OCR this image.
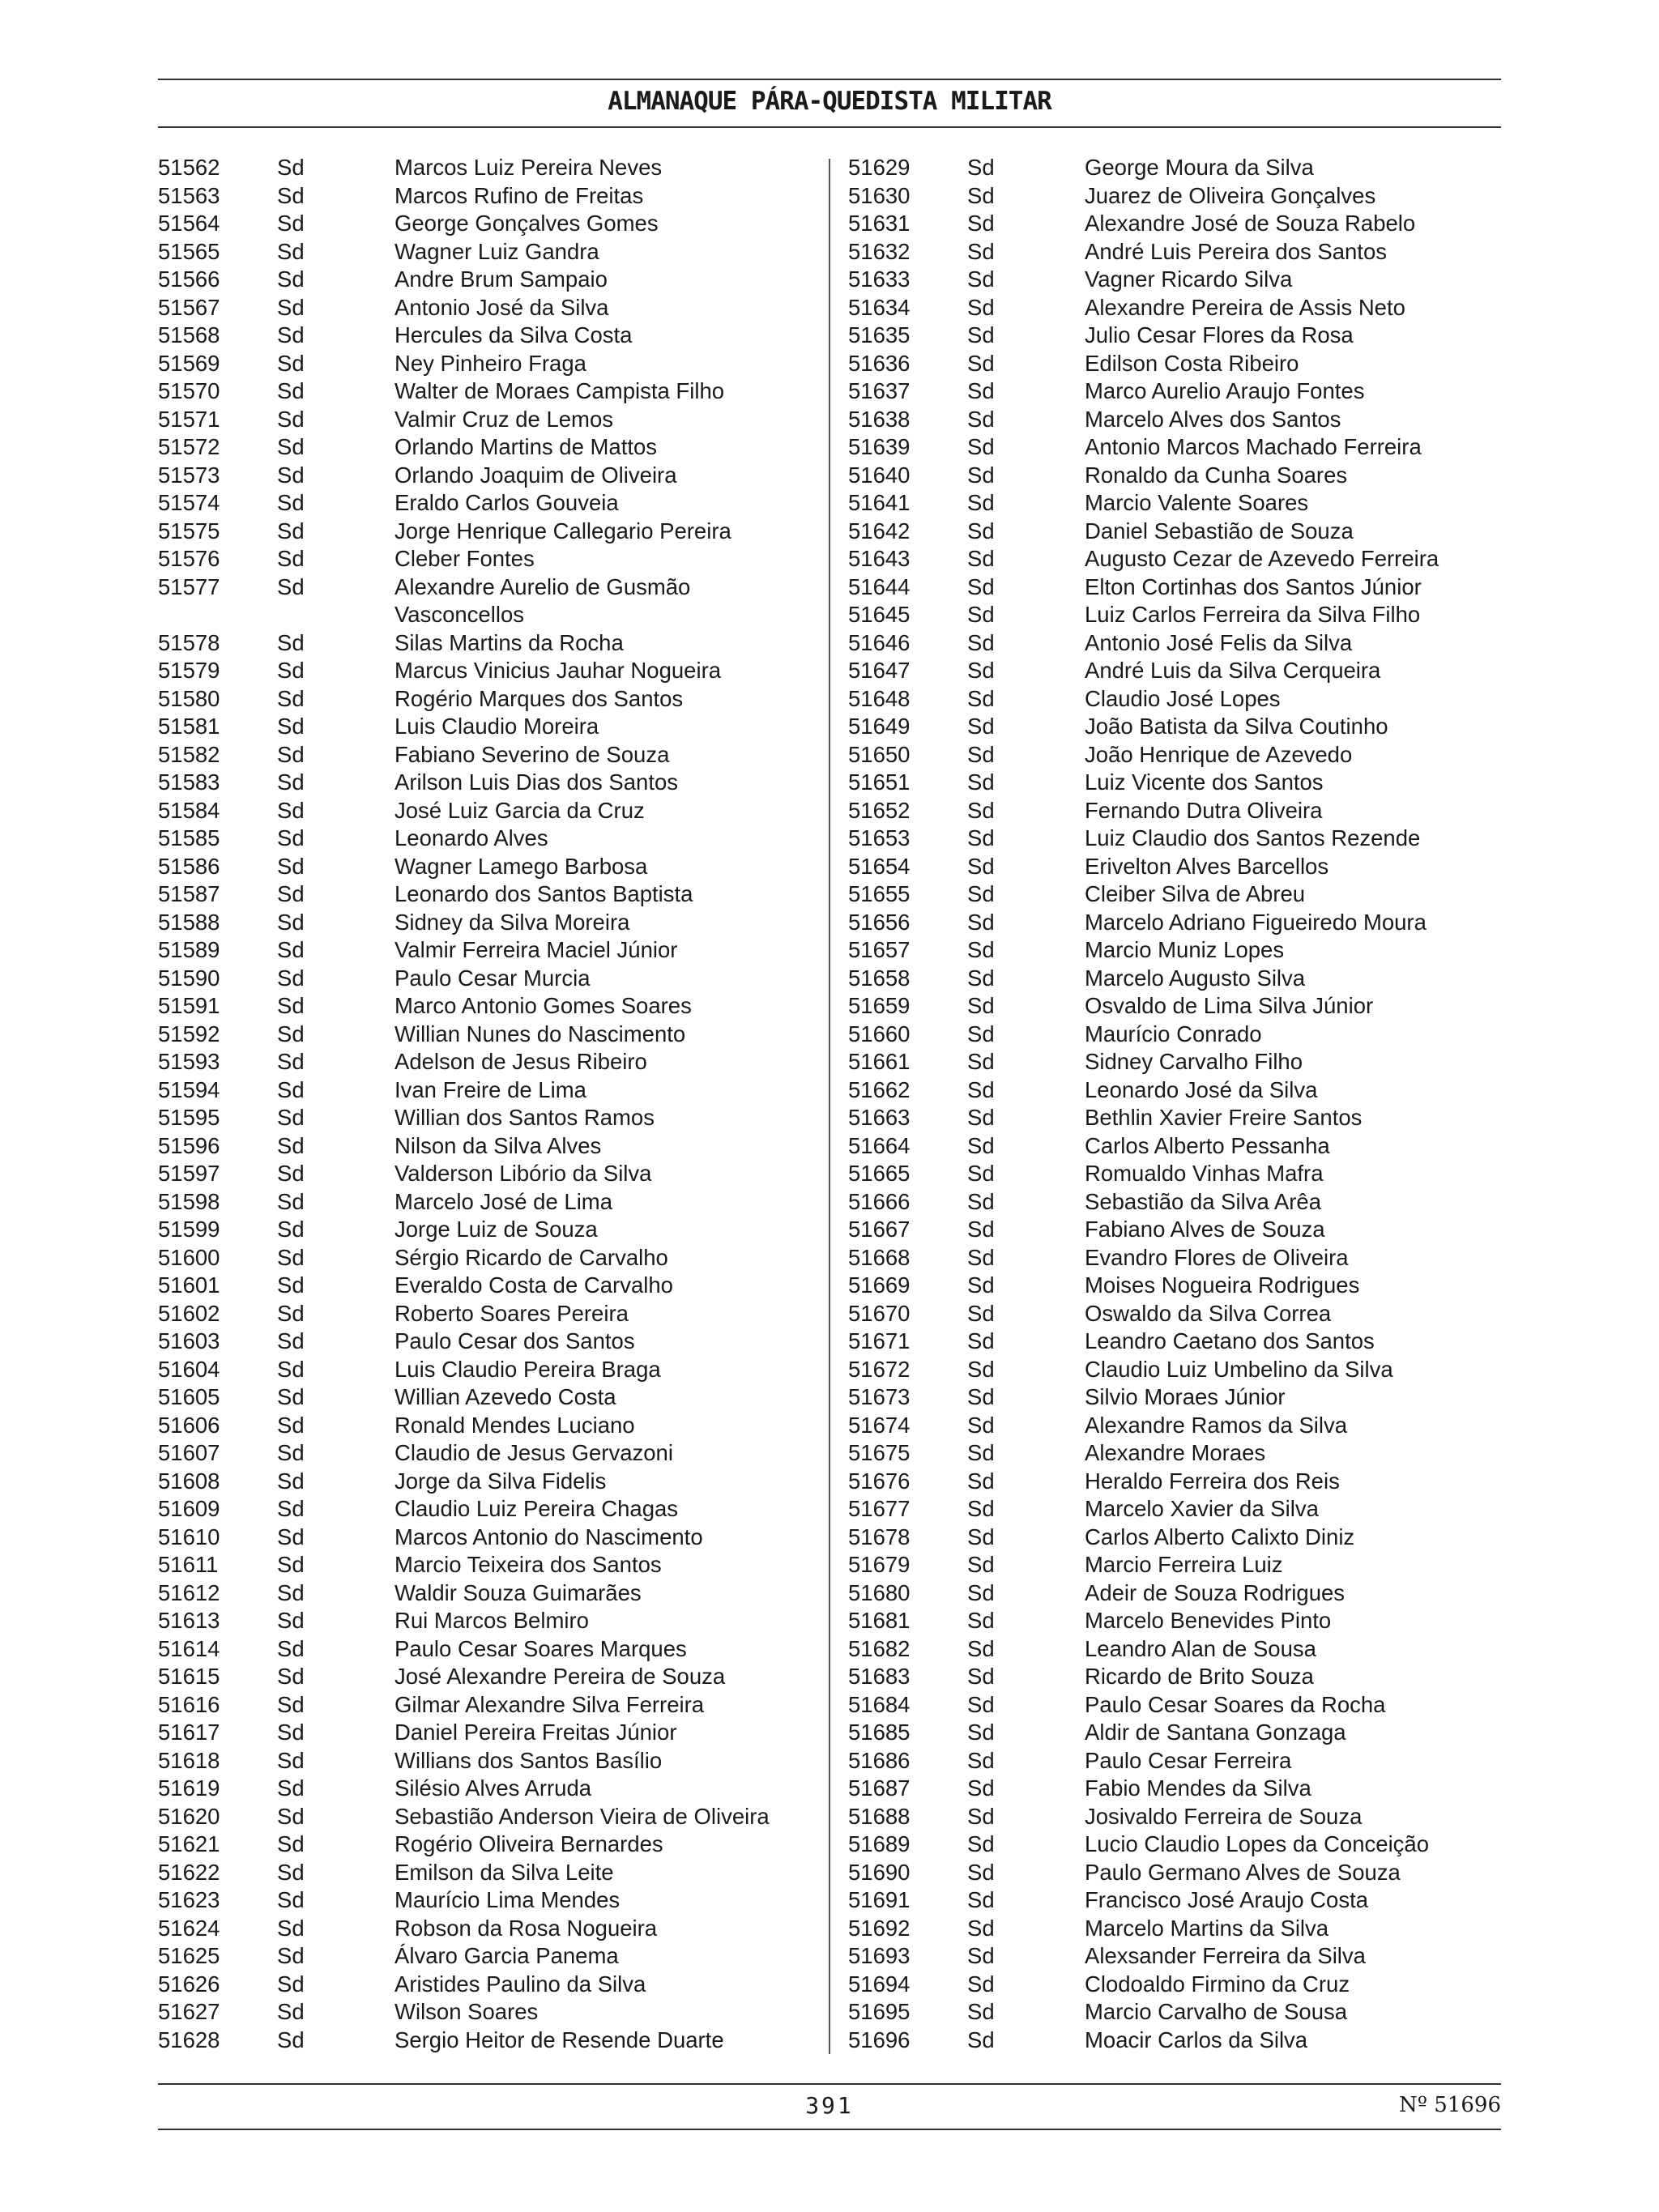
ALMANAQUE PÁRA-QUEDISTA MILITAR
51562	Sd	Marcos Luiz Pereira Neves
51563	Sd	Marcos Rufino de Freitas
51564	Sd	George Gonçalves Gomes
51565	Sd	Wagner Luiz Gandra
51566	Sd	Andre Brum Sampaio
51567	Sd	Antonio José da Silva
51568	Sd	Hercules da Silva Costa
51569	Sd	Ney Pinheiro Fraga
51570	Sd	Walter de Moraes Campista Filho
51571	Sd	Valmir Cruz de Lemos
51572	Sd	Orlando Martins de Mattos
51573	Sd	Orlando Joaquim de Oliveira
51574	Sd	Eraldo Carlos Gouveia
51575	Sd	Jorge Henrique Callegario Pereira
51576	Sd	Cleber Fontes
51577	Sd	Alexandre Aurelio de Gusmão Vasconcellos
51578	Sd	Silas Martins da Rocha
51579	Sd	Marcus Vinicius Jauhar Nogueira
51580	Sd	Rogério Marques dos Santos
51581	Sd	Luis Claudio Moreira
51582	Sd	Fabiano Severino de Souza
51583	Sd	Arilson Luis Dias dos Santos
51584	Sd	José Luiz Garcia da Cruz
51585	Sd	Leonardo Alves
51586	Sd	Wagner Lamego Barbosa
51587	Sd	Leonardo dos Santos Baptista
51588	Sd	Sidney da Silva Moreira
51589	Sd	Valmir Ferreira Maciel Júnior
51590	Sd	Paulo Cesar Murcia
51591	Sd	Marco Antonio Gomes Soares
51592	Sd	Willian Nunes do Nascimento
51593	Sd	Adelson de Jesus Ribeiro
51594	Sd	Ivan Freire de Lima
51595	Sd	Willian dos Santos Ramos
51596	Sd	Nilson da Silva Alves
51597	Sd	Valderson Libório da Silva
51598	Sd	Marcelo José de Lima
51599	Sd	Jorge Luiz de Souza
51600	Sd	Sérgio Ricardo de Carvalho
51601	Sd	Everaldo Costa de Carvalho
51602	Sd	Roberto Soares Pereira
51603	Sd	Paulo Cesar dos Santos
51604	Sd	Luis Claudio Pereira Braga
51605	Sd	Willian Azevedo Costa
51606	Sd	Ronald Mendes Luciano
51607	Sd	Claudio de Jesus Gervazoni
51608	Sd	Jorge da Silva Fidelis
51609	Sd	Claudio Luiz Pereira Chagas
51610	Sd	Marcos Antonio do Nascimento
51611	Sd	Marcio Teixeira dos Santos
51612	Sd	Waldir Souza Guimarães
51613	Sd	Rui Marcos Belmiro
51614	Sd	Paulo Cesar Soares Marques
51615	Sd	José Alexandre Pereira de Souza
51616	Sd	Gilmar Alexandre Silva Ferreira
51617	Sd	Daniel Pereira Freitas Júnior
51618	Sd	Willians dos Santos Basílio
51619	Sd	Silésio Alves Arruda
51620	Sd	Sebastião Anderson Vieira de Oliveira
51621	Sd	Rogério Oliveira Bernardes
51622	Sd	Emilson da Silva Leite
51623	Sd	Maurício Lima Mendes
51624	Sd	Robson da Rosa Nogueira
51625	Sd	Álvaro Garcia Panema
51626	Sd	Aristides Paulino da Silva
51627	Sd	Wilson Soares
51628	Sd	Sergio Heitor de Resende Duarte
51629	Sd	George Moura da Silva
51630	Sd	Juarez de Oliveira Gonçalves
51631	Sd	Alexandre José de Souza Rabelo
51632	Sd	André Luis Pereira dos Santos
51633	Sd	Vagner Ricardo Silva
51634	Sd	Alexandre Pereira de Assis Neto
51635	Sd	Julio Cesar Flores da Rosa
51636	Sd	Edilson Costa Ribeiro
51637	Sd	Marco Aurelio Araujo Fontes
51638	Sd	Marcelo Alves dos Santos
51639	Sd	Antonio Marcos Machado Ferreira
51640	Sd	Ronaldo da Cunha Soares
51641	Sd	Marcio Valente Soares
51642	Sd	Daniel Sebastião de Souza
51643	Sd	Augusto Cezar de Azevedo Ferreira
51644	Sd	Elton Cortinhas dos Santos Júnior
51645	Sd	Luiz Carlos Ferreira da Silva Filho
51646	Sd	Antonio José Felis da Silva
51647	Sd	André Luis da Silva Cerqueira
51648	Sd	Claudio José Lopes
51649	Sd	João Batista da Silva Coutinho
51650	Sd	João Henrique de Azevedo
51651	Sd	Luiz Vicente dos Santos
51652	Sd	Fernando Dutra Oliveira
51653	Sd	Luiz Claudio dos Santos Rezende
51654	Sd	Erivelton Alves Barcellos
51655	Sd	Cleiber Silva de Abreu
51656	Sd	Marcelo Adriano Figueiredo Moura
51657	Sd	Marcio Muniz Lopes
51658	Sd	Marcelo Augusto Silva
51659	Sd	Osvaldo de Lima Silva Júnior
51660	Sd	Maurício Conrado
51661	Sd	Sidney Carvalho Filho
51662	Sd	Leonardo José da Silva
51663	Sd	Bethlin Xavier Freire Santos
51664	Sd	Carlos Alberto Pessanha
51665	Sd	Romualdo Vinhas Mafra
51666	Sd	Sebastião da Silva Arêa
51667	Sd	Fabiano Alves de Souza
51668	Sd	Evandro Flores de Oliveira
51669	Sd	Moises Nogueira Rodrigues
51670	Sd	Oswaldo da Silva Correa
51671	Sd	Leandro Caetano dos Santos
51672	Sd	Claudio Luiz Umbelino da Silva
51673	Sd	Silvio Moraes Júnior
51674	Sd	Alexandre Ramos da Silva
51675	Sd	Alexandre Moraes
51676	Sd	Heraldo Ferreira dos Reis
51677	Sd	Marcelo Xavier da Silva
51678	Sd	Carlos Alberto Calixto Diniz
51679	Sd	Marcio Ferreira Luiz
51680	Sd	Adeir de Souza Rodrigues
51681	Sd	Marcelo Benevides Pinto
51682	Sd	Leandro Alan de Sousa
51683	Sd	Ricardo de Brito Souza
51684	Sd	Paulo Cesar Soares da Rocha
51685	Sd	Aldir de Santana Gonzaga
51686	Sd	Paulo Cesar Ferreira
51687	Sd	Fabio Mendes da Silva
51688	Sd	Josivaldo Ferreira de Souza
51689	Sd	Lucio Claudio Lopes da Conceição
51690	Sd	Paulo Germano Alves de Souza
51691	Sd	Francisco José Araujo Costa
51692	Sd	Marcelo Martins da Silva
51693	Sd	Alexsander Ferreira da Silva
51694	Sd	Clodoaldo Firmino da Cruz
51695	Sd	Marcio Carvalho de Sousa
51696	Sd	Moacir Carlos da Silva
391	Nº 51696
